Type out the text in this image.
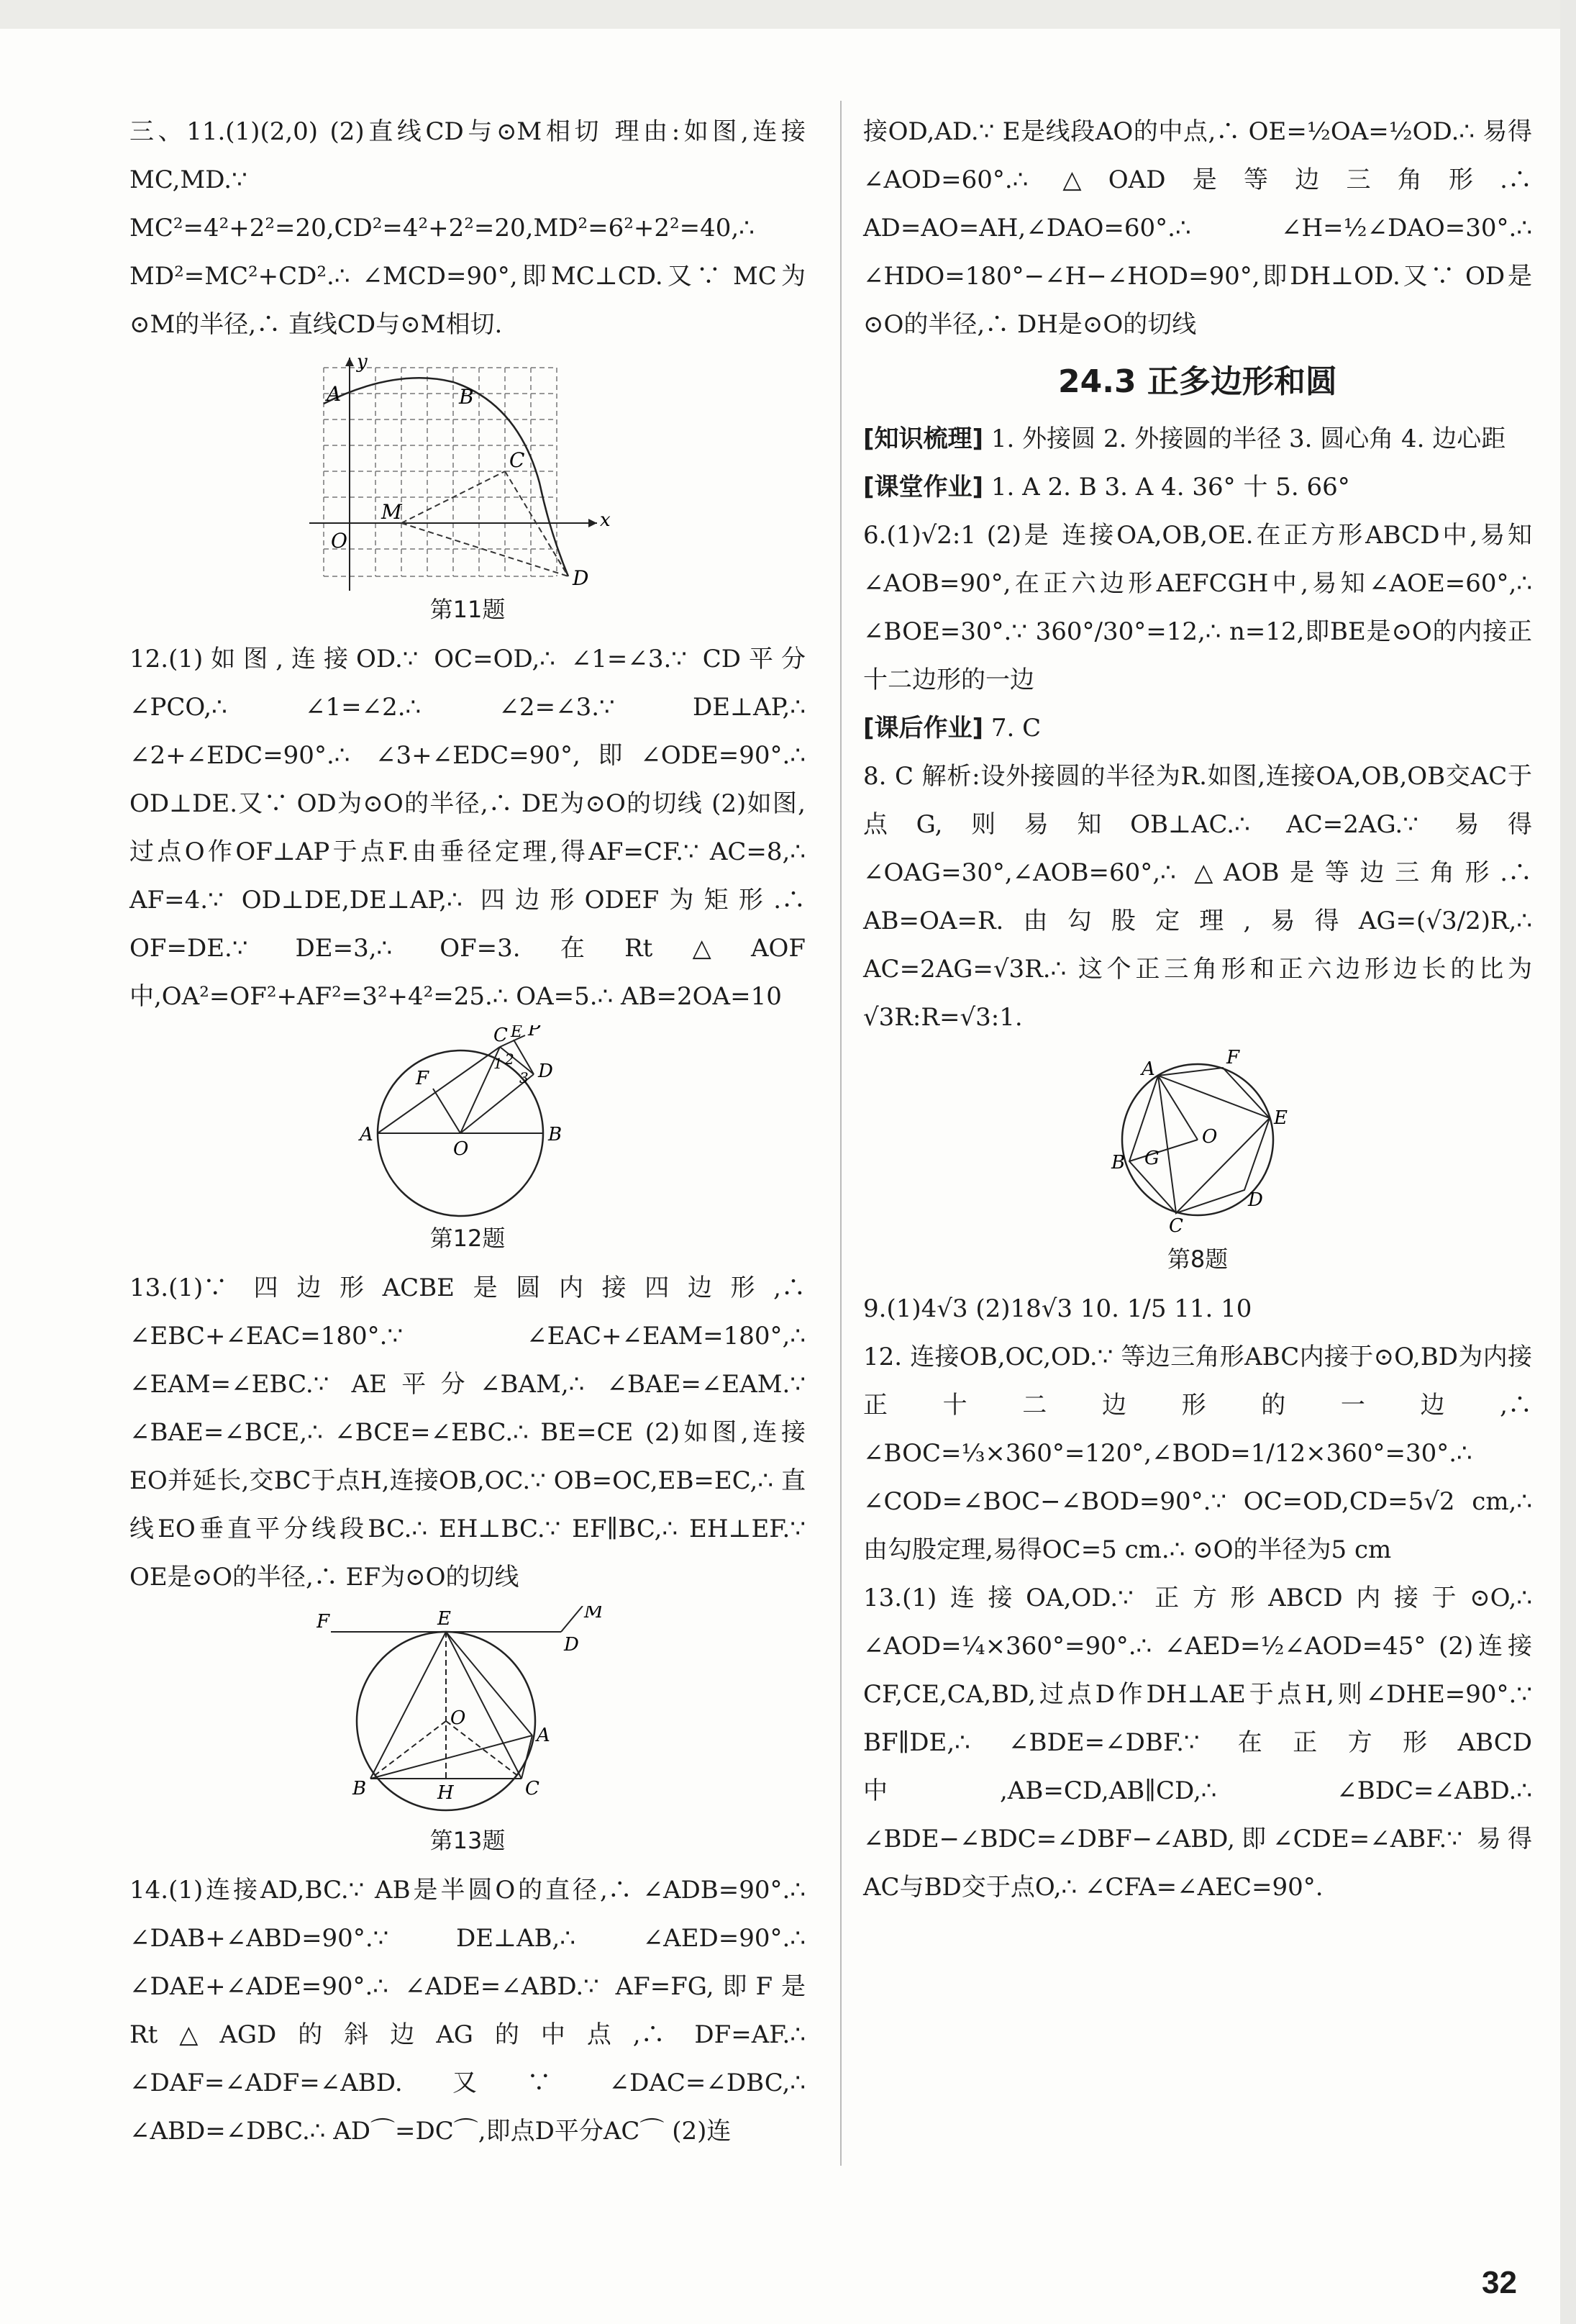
三、11.(1)(2,0) (2)直线CD与⊙M相切 理由:如图,连接MC,MD.∵ MC²=4²+2²=20,CD²=4²+2²=20,MD²=6²+2²=40,∴ MD²=MC²+CD².∴ ∠MCD=90°,即MC⊥CD.又∵ MC为⊙M的半径,∴ 直线CD与⊙M相切.

y
x
A	B
C
M
O
D
第11题

12.(1)如图,连接OD.∵ OC=OD,∴ ∠1=∠3.∵ CD平分∠PCO,∴ ∠1=∠2.∴ ∠2=∠3.∵ DE⊥AP,∴ ∠2+∠EDC=90°.∴ ∠3+∠EDC=90°,即∠ODE=90°.∴ OD⊥DE.又∵ OD为⊙O的半径,∴ DE为⊙O的切线 (2)如图,过点O作OF⊥AP于点F.由垂径定理,得AF=CF.∵ AC=8,∴ AF=4.∵ OD⊥DE,DE⊥AP,∴ 四边形ODEF为矩形.∴ OF=DE.∵ DE=3,∴ OF=3.在Rt△AOF中,OA²=OF²+AF²=3²+4²=25.∴ OA=5.∴ AB=2OA=10

C E P
F
1 2
3 D
A
O
B
第12题

13.(1)∵ 四边形ACBE是圆内接四边形,∴ ∠EBC+∠EAC=180°.∵ ∠EAC+∠EAM=180°,∴ ∠EAM=∠EBC.∵ AE平分∠BAM,∴ ∠BAE=∠EAM.∵ ∠BAE=∠BCE,∴ ∠BCE=∠EBC.∴ BE=CE (2)如图,连接EO并延长,交BC于点H,连接OB,OC.∵ OB=OC,EB=EC,∴ 直线EO垂直平分线段BC.∴ EH⊥BC.∵ EF∥BC,∴ EH⊥EF.∵ OE是⊙O的半径,∴ EF为⊙O的切线

F	E	M
D
O
A
B	H	C
第13题

14.(1)连接AD,BC.∵ AB是半圆O的直径,∴ ∠ADB=90°.∴ ∠DAB+∠ABD=90°.∵ DE⊥AB,∴ ∠AED=90°.∴ ∠DAE+∠ADE=90°.∴ ∠ADE=∠ABD.∵ AF=FG,即F是Rt△AGD的斜边AG的中点,∴ DF=AF.∴ ∠DAF=∠ADF=∠ABD.又∵ ∠DAC=∠DBC,∴ ∠ABD=∠DBC.∴ AD⌒=DC⌒,即点D平分AC⌒ (2)连

接OD,AD.∵ E是线段AO的中点,∴ OE=½OA=½OD.∴ 易得∠AOD=60°.∴ △OAD是等边三角形.∴ AD=AO=AH,∠DAO=60°.∴ ∠H=½∠DAO=30°.∴ ∠HDO=180°−∠H−∠HOD=90°,即DH⊥OD.又∵ OD是⊙O的半径,∴ DH是⊙O的切线

24.3 正多边形和圆

[知识梳理] 1. 外接圆 2. 外接圆的半径 3. 圆心角 4. 边心距

[课堂作业] 1. A 2. B 3. A 4. 36° 十 5. 66°

6.(1)√2:1 (2)是 连接OA,OB,OE.在正方形ABCD中,易知∠AOB=90°,在正六边形AEFCGH中,易知∠AOE=60°,∴ ∠BOE=30°.∵ 360°/30°=12,∴ n=12,即BE是⊙O的内接正十二边形的一边

[课后作业] 7. C

8. C 解析:设外接圆的半径为R.如图,连接OA,OB,OB交AC于点G,则易知OB⊥AC.∴ AC=2AG.∵ 易得∠OAG=30°,∠AOB=60°,∴ △AOB是等边三角形.∴ AB=OA=R.由勾股定理,易得AG=(√3/2)R,∴ AC=2AG=√3R.∴ 这个正三角形和正六边形边长的比为√3R:R=√3:1.

A
F
E
B G
O
D
C
第8题

9.(1)4√3 (2)18√3 10. 1/5 11. 10

12. 连接OB,OC,OD.∵ 等边三角形ABC内接于⊙O,BD为内接正十二边形的一边,∴ ∠BOC=⅓×360°=120°,∠BOD=1/12×360°=30°.∴ ∠COD=∠BOC−∠BOD=90°.∵ OC=OD,CD=5√2 cm,∴ 由勾股定理,易得OC=5 cm.∴ ⊙O的半径为5 cm

13.(1)连接OA,OD.∵ 正方形ABCD内接于⊙O,∴ ∠AOD=¼×360°=90°.∴ ∠AED=½∠AOD=45° (2)连接CF,CE,CA,BD,过点D作DH⊥AE于点H,则∠DHE=90°.∵ BF∥DE,∴ ∠BDE=∠DBF.∵ 在正方形ABCD中,AB=CD,AB∥CD,∴ ∠BDC=∠ABD.∴ ∠BDE−∠BDC=∠DBF−∠ABD,即∠CDE=∠ABF.∵ 易得AC与BD交于点O,∴ ∠CFA=∠AEC=90°.

32
